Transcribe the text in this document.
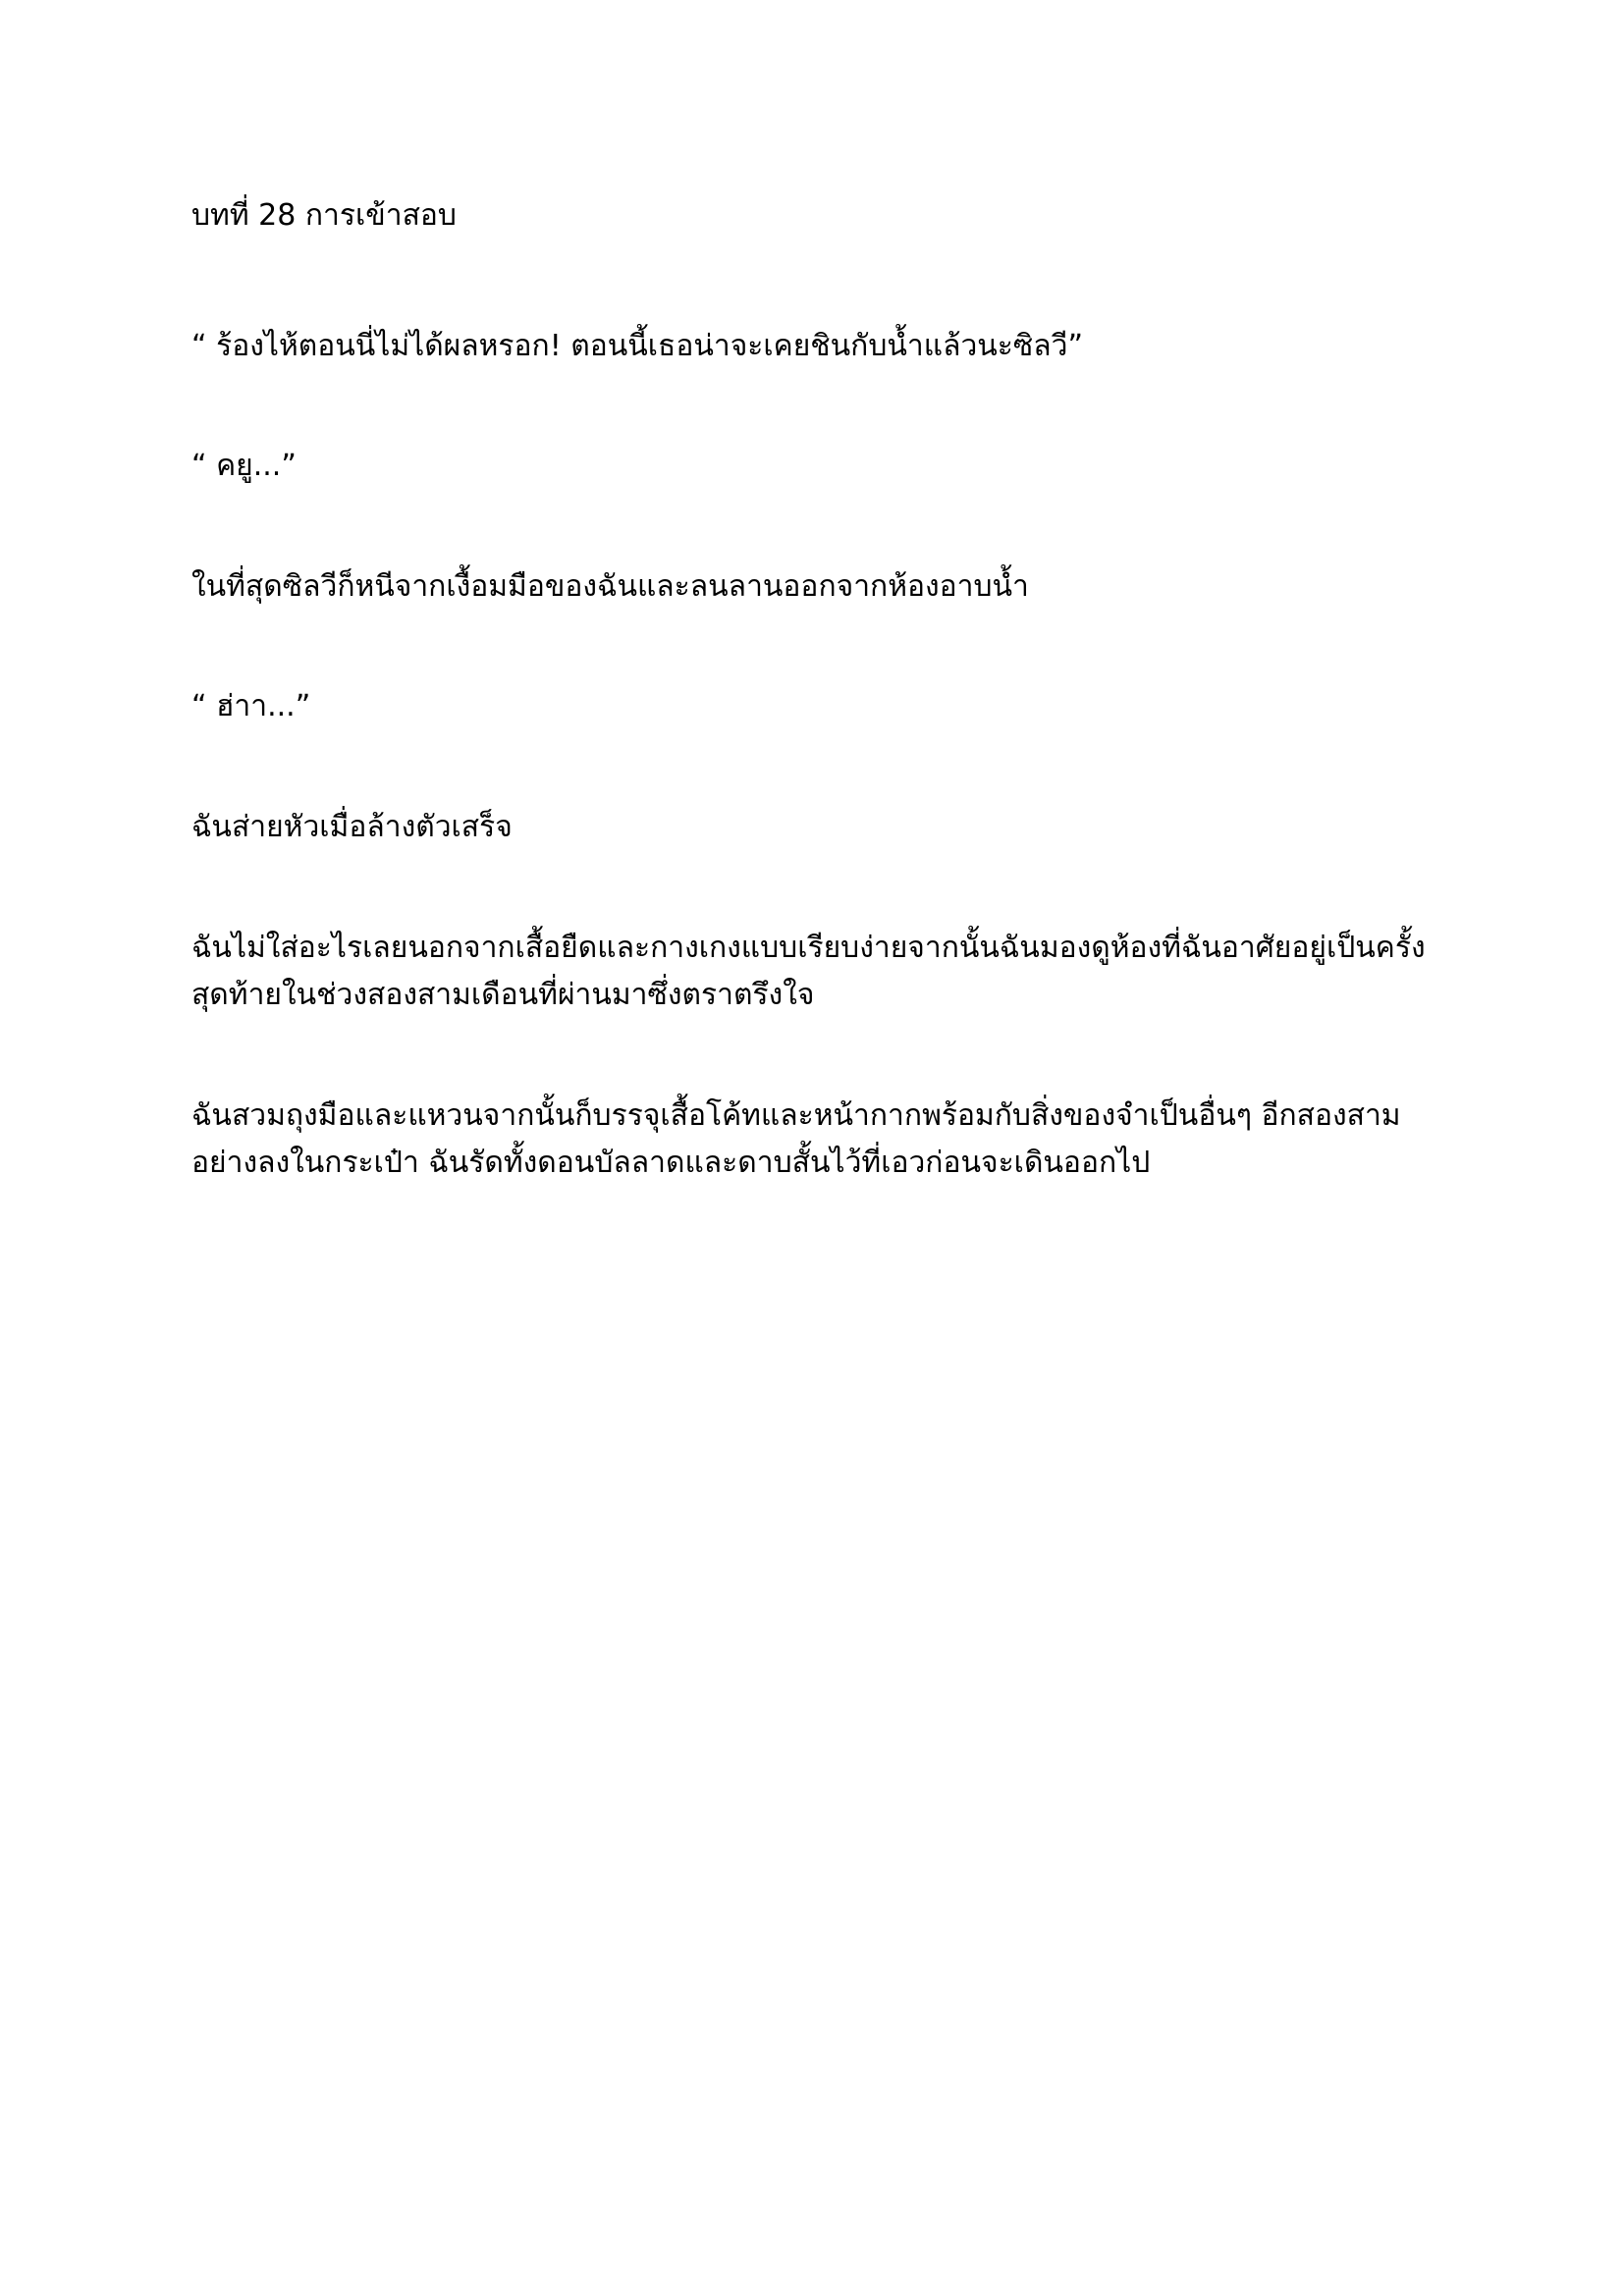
บทที่ 28 การเข้าสอบ

“ ร้องไห้ตอนนี่ไม่ได้ผลหรอก! ตอนนี้เธอน่าจะเคยชินกับน้ำแล้วนะซิลวี”

“ คยู...”

ในที่สุดซิลวีก็หนีจากเงื้อมมือของฉันและลนลานออกจากห้องอาบน้ำ

“ ฮ่าา...”

ฉันส่ายหัวเมื่อล้างตัวเสร็จ

ฉันไม่ใส่อะไรเลยนอกจากเสื้อยืดและกางเกงแบบเรียบง่ายจากนั้นฉันมองดูห้องที่ฉันอาศัยอยู่เป็นครั้งสุดท้ายในช่วงสองสามเดือนที่ผ่านมาซึ่งตราตรึงใจ

ฉันสวมถุงมือและแหวนจากนั้นก็บรรจุเสื้อโค้ทและหน้ากากพร้อมกับสิ่งของจำเป็นอื่นๆ อีกสองสามอย่างลงในกระเป๋า ฉันรัดทั้งดอนบัลลาดและดาบสั้นไว้ที่เอวก่อนจะเดินออกไป
